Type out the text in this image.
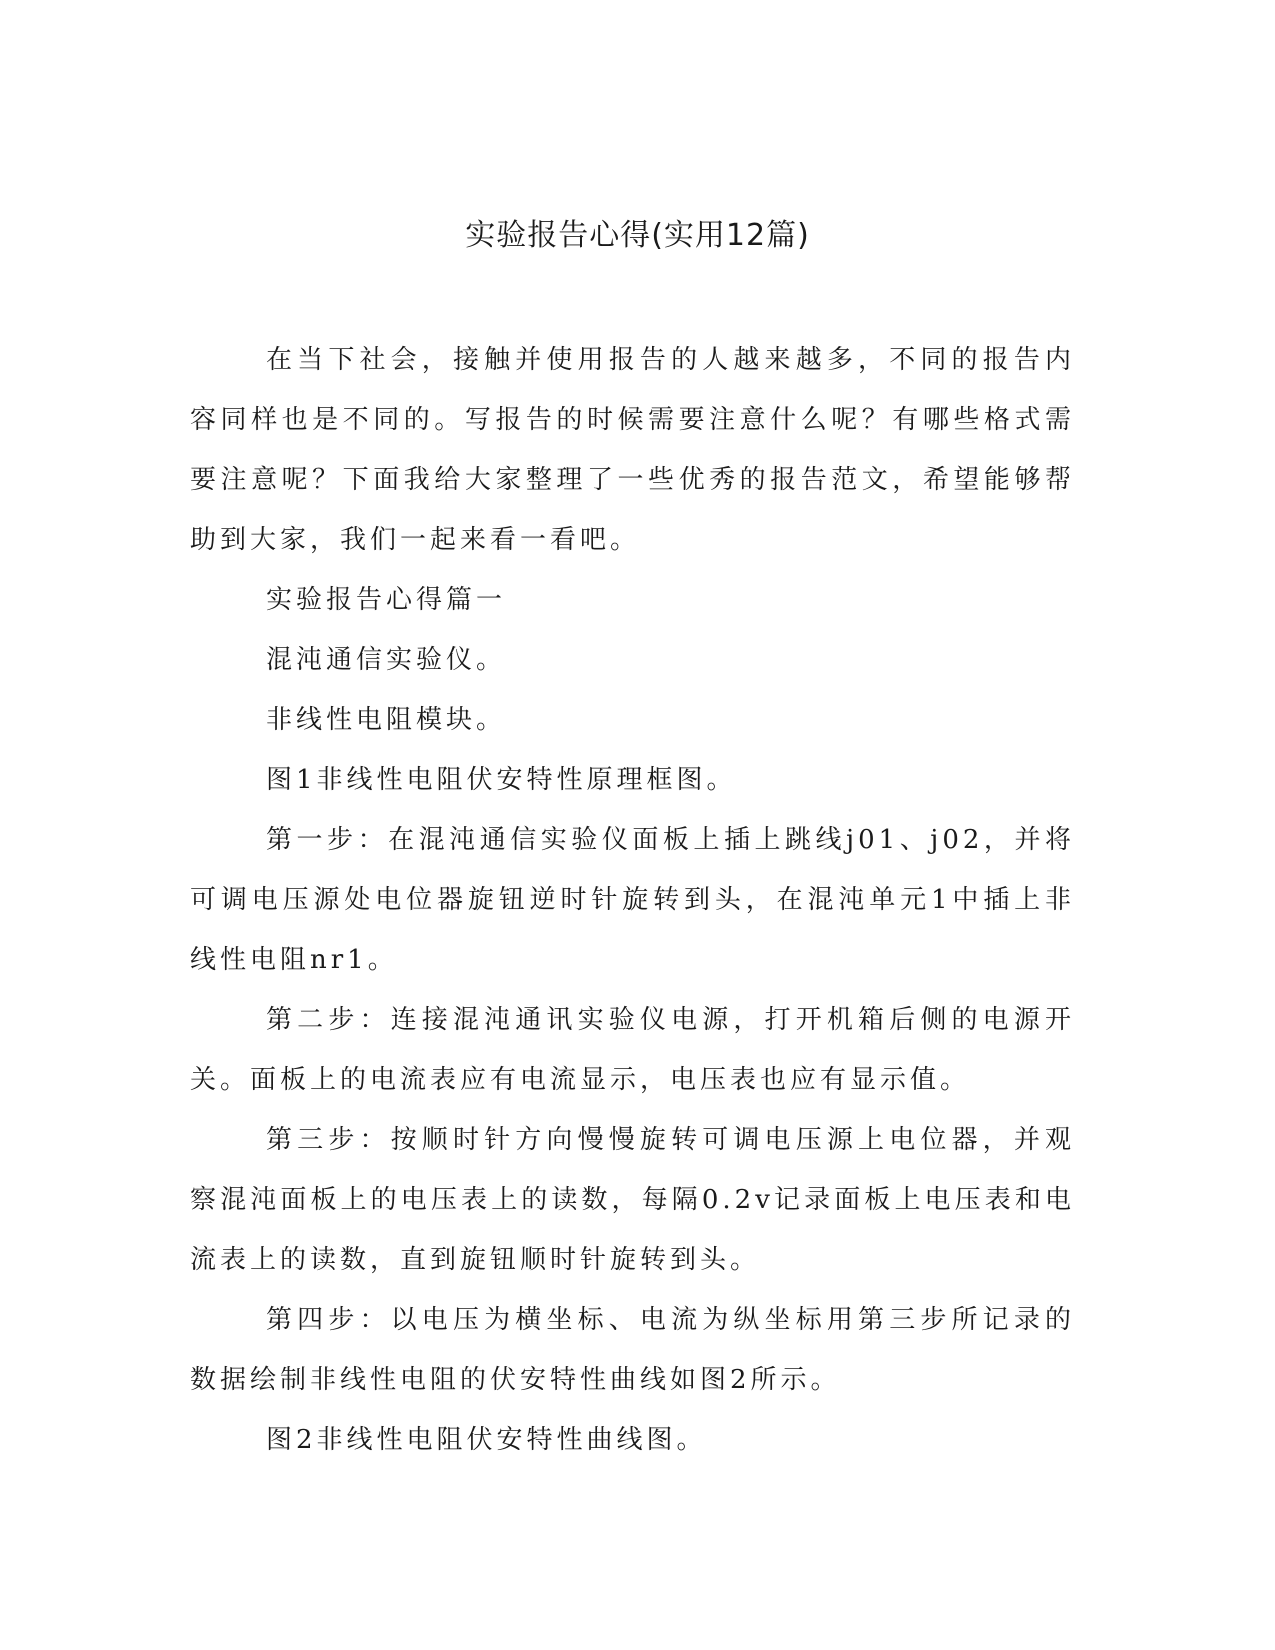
实验报告心得(实用12篇)

在当下社会，接触并使用报告的人越来越多，不同的报告内容同样也是不同的。写报告的时候需要注意什么呢？有哪些格式需要注意呢？下面我给大家整理了一些优秀的报告范文，希望能够帮助到大家，我们一起来看一看吧。

实验报告心得篇一

混沌通信实验仪。

非线性电阻模块。

图1非线性电阻伏安特性原理框图。

第一步：在混沌通信实验仪面板上插上跳线j01、j02，并将可调电压源处电位器旋钮逆时针旋转到头，在混沌单元1中插上非线性电阻nr1。

第二步：连接混沌通讯实验仪电源，打开机箱后侧的电源开关。面板上的电流表应有电流显示，电压表也应有显示值。

第三步：按顺时针方向慢慢旋转可调电压源上电位器，并观察混沌面板上的电压表上的读数，每隔0.2v记录面板上电压表和电流表上的读数，直到旋钮顺时针旋转到头。

第四步：以电压为横坐标、电流为纵坐标用第三步所记录的数据绘制非线性电阻的伏安特性曲线如图2所示。

图2非线性电阻伏安特性曲线图。
